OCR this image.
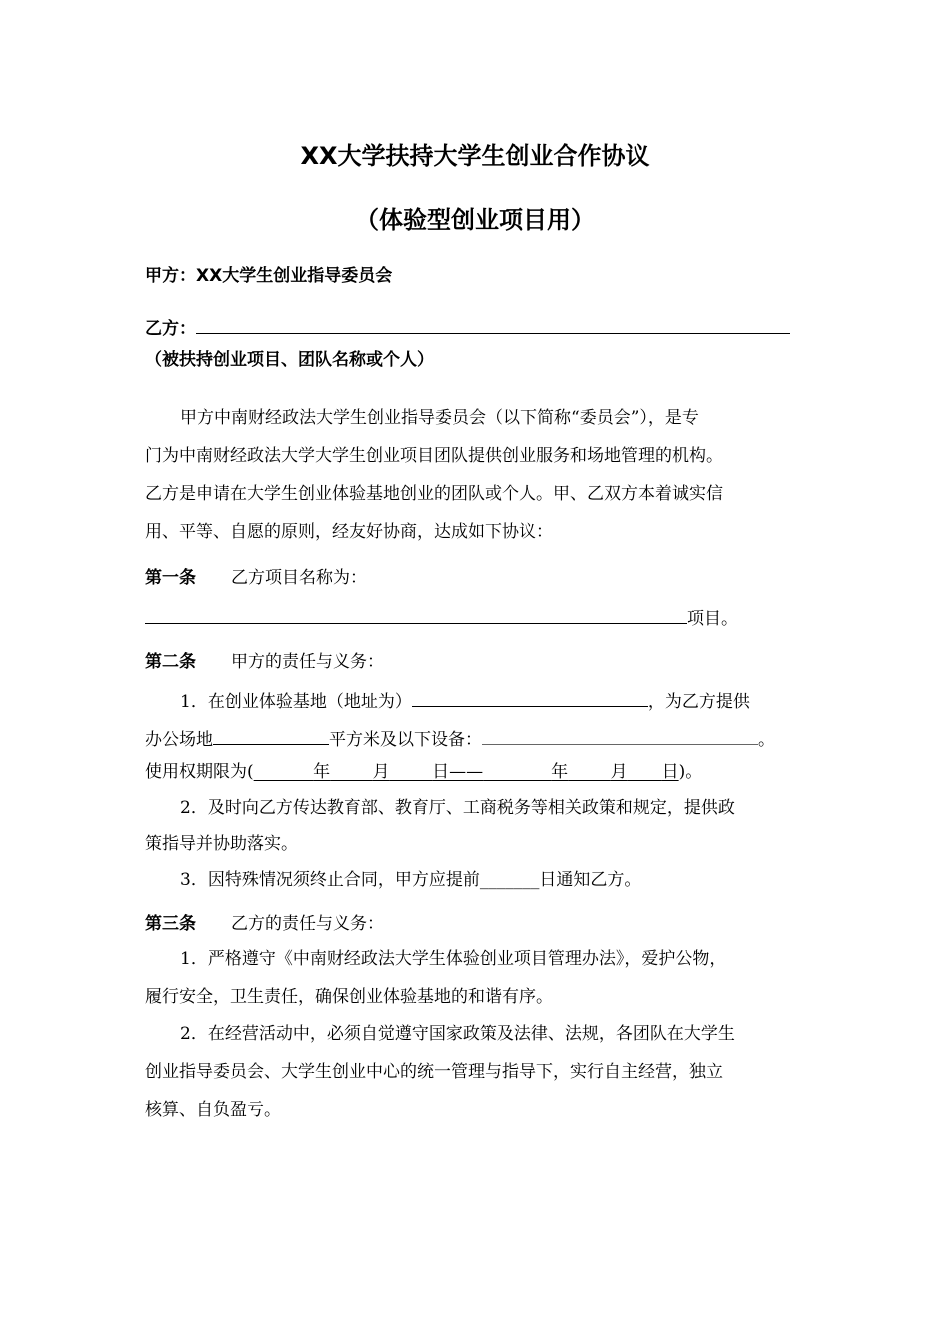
XX大学扶持大学生创业合作协议
（体验型创业项目用）
甲方：XX大学生创业指导委员会
乙方：
（被扶持创业项目、团队名称或个人）
甲方中南财经政法大学生创业指导委员会（以下简称“委员会”），是专
门为中南财经政法大学大学生创业项目团队提供创业服务和场地管理的机构。
乙方是申请在大学生创业体验基地创业的团队或个人。甲、乙双方本着诚实信
用、平等、自愿的原则，经友好协商，达成如下协议：
第一条 乙方项目名称为：
项目。
第二条 甲方的责任与义务：
1．在创业体验基地（地址为）	，为乙方提供
办公场地	平方米及以下设备：	。
使用权期限为(       	年     	月     	日——        	年     	月     日)。
2．及时向乙方传达教育部、教育厅、工商税务等相关政策和规定，提供政
策指导并协助落实。
3．因特殊情况须终止合同，甲方应提前_______日通知乙方。
第三条 乙方的责任与义务：
1．严格遵守《中南财经政法大学生体验创业项目管理办法》，爱护公物，
履行安全，卫生责任，确保创业体验基地的和谐有序。
2．在经营活动中，必须自觉遵守国家政策及法律、法规，各团队在大学生
创业指导委员会、大学生创业中心的统一管理与指导下，实行自主经营，独立
核算、自负盈亏。
